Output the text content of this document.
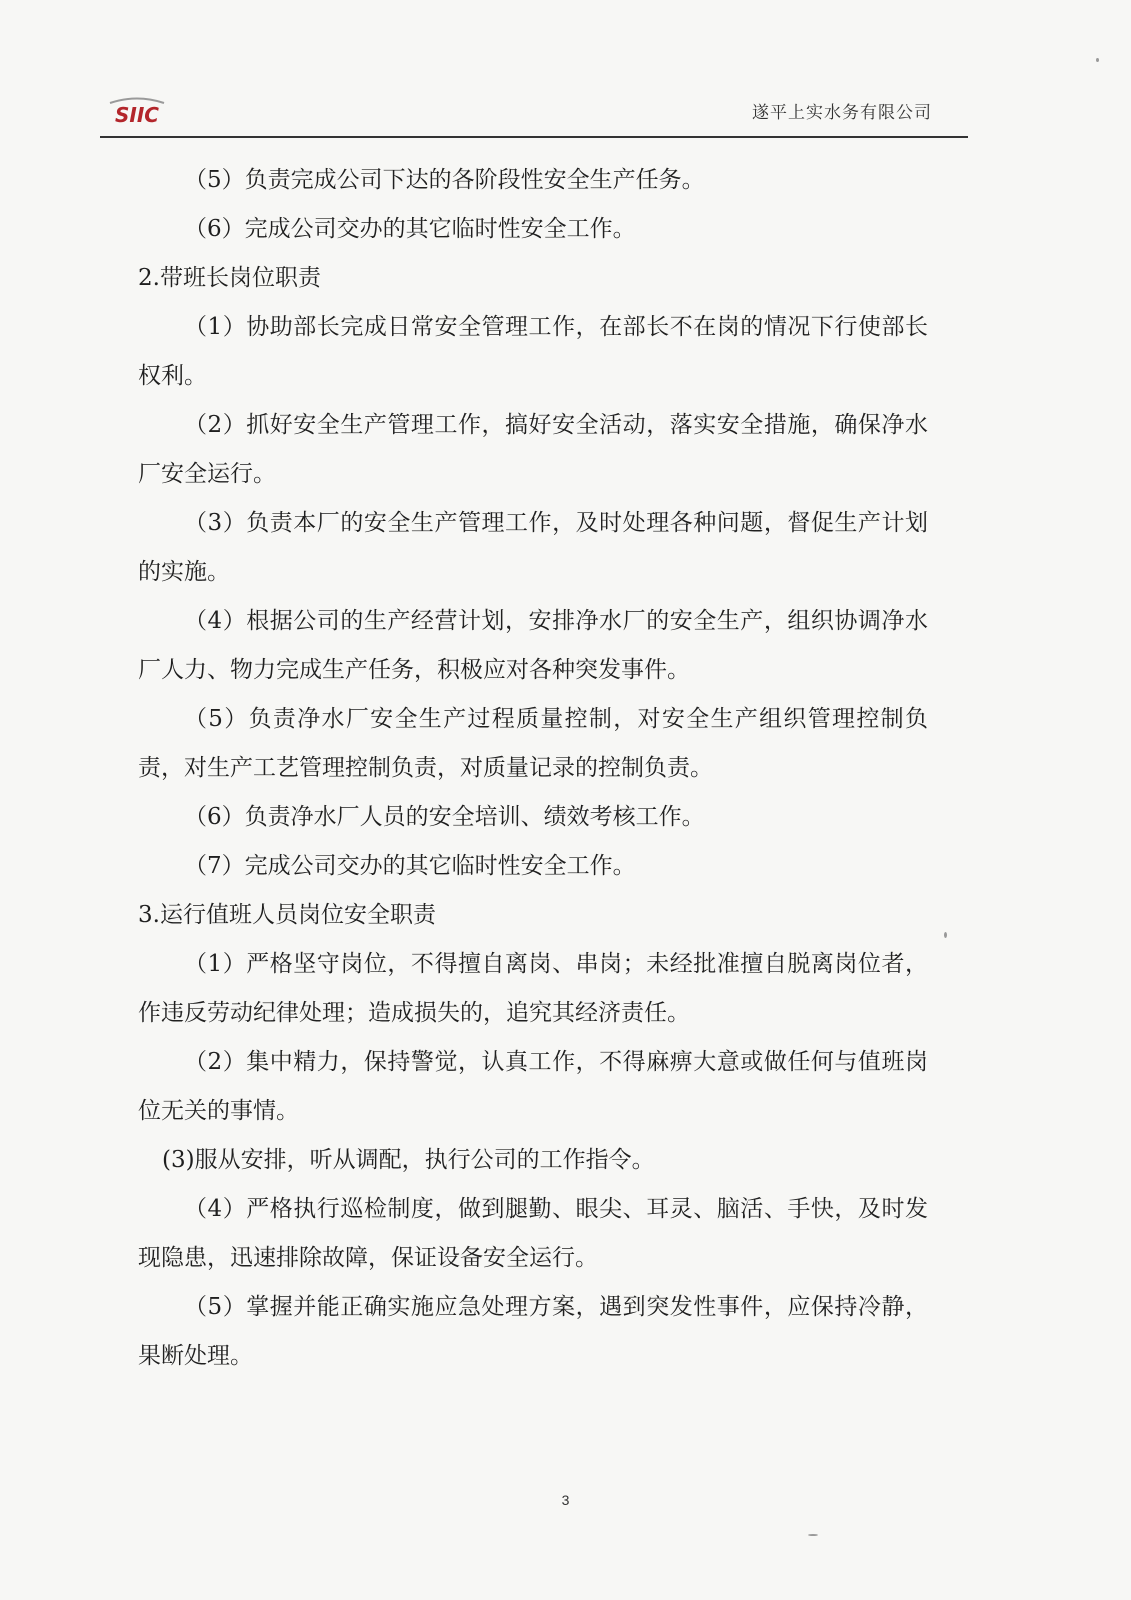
SIIC	遂平上实水务有限公司

（5）负责完成公司下达的各阶段性安全生产任务。

（6）完成公司交办的其它临时性安全工作。

2.带班长岗位职责

（1）协助部长完成日常安全管理工作，在部长不在岗的情况下行使部长权利。

（2）抓好安全生产管理工作，搞好安全活动，落实安全措施，确保净水厂安全运行。

（3）负责本厂的安全生产管理工作，及时处理各种问题，督促生产计划的实施。

（4）根据公司的生产经营计划，安排净水厂的安全生产，组织协调净水厂人力、物力完成生产任务，积极应对各种突发事件。

（5）负责净水厂安全生产过程质量控制，对安全生产组织管理控制负责，对生产工艺管理控制负责，对质量记录的控制负责。

（6）负责净水厂人员的安全培训、绩效考核工作。

（7）完成公司交办的其它临时性安全工作。

3.运行值班人员岗位安全职责

（1）严格坚守岗位，不得擅自离岗、串岗；未经批准擅自脱离岗位者，作违反劳动纪律处理；造成损失的，追究其经济责任。

（2）集中精力，保持警觉，认真工作，不得麻痹大意或做任何与值班岗位无关的事情。

(3)服从安排，听从调配，执行公司的工作指令。

（4）严格执行巡检制度，做到腿勤、眼尖、耳灵、脑活、手快，及时发现隐患，迅速排除故障，保证设备安全运行。

（5）掌握并能正确实施应急处理方案，遇到突发性事件，应保持冷静，果断处理。

3
